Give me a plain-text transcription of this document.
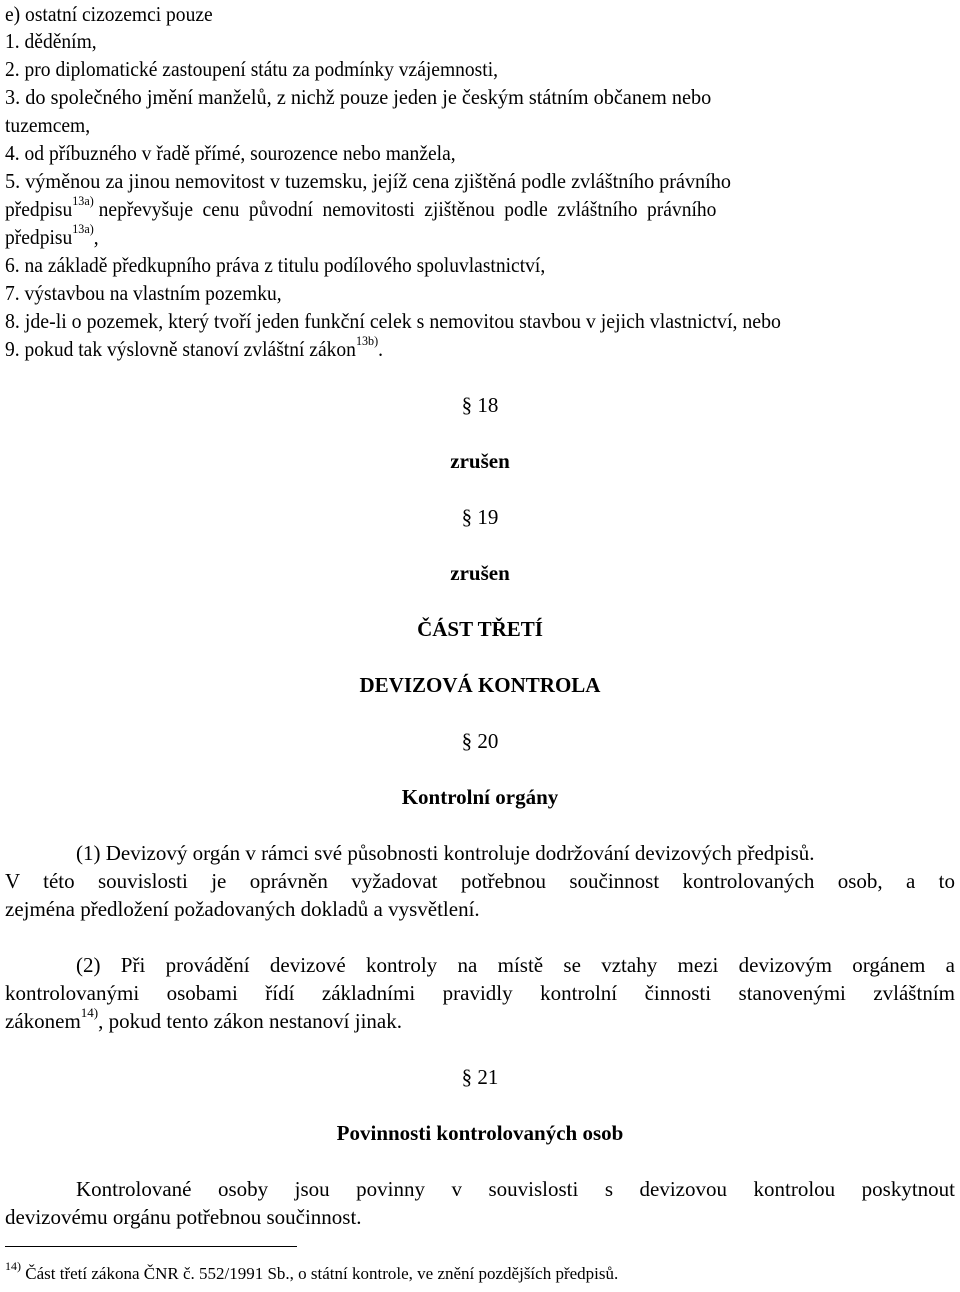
e) ostatní cizozemci pouze
1. děděním,
2. pro diplomatické zastoupení státu za podmínky vzájemnosti,
3. do společného jmění manželů, z nichž pouze jeden je českým státním občanem nebo
tuzemcem,
4. od příbuzného v řadě přímé, sourozence nebo manžela,
5. výměnou za jinou nemovitost v tuzemsku, jejíž cena zjištěná podle zvláštního právního
předpisu$^{13a)}$ nepřevyšuje cenu původní nemovitosti zjištěnou podle zvláštního právního
předpisu$^{13a)}$,
6. na základě předkupního práva z titulu podílového spoluvlastnictví,
7. výstavbou na vlastním pozemku,
8. jde-li o pozemek, který tvoří jeden funkční celek s nemovitou stavbou v jejich vlastnictví, nebo
9. pokud tak výslovně stanoví zvláštní zákon$^{13b)}$.
§ 18
zrušen
§ 19
zrušen
ČÁST TŘETÍ
DEVIZOVÁ KONTROLA
§ 20
Kontrolní orgány
(1) Devizový orgán v rámci své působnosti kontroluje dodržování devizových předpisů.
V této souvislosti je oprávněn vyžadovat potřebnou součinnost kontrolovaných osob, a to
zejména předložení požadovaných dokladů a vysvětlení.
(2) Při provádění devizové kontroly na místě se vztahy mezi devizovým orgánem a
kontrolovanými osobami řídí základními pravidly kontrolní činnosti stanovenými zvláštním
zákonem$^{14)}$, pokud tento zákon nestanoví jinak.
§ 21
Povinnosti kontrolovaných osob
Kontrolované osoby jsou povinny v souvislosti s devizovou kontrolou poskytnout
devizovému orgánu potřebnou součinnost.
$^{14)}$ Část třetí zákona ČNR č. 552/1991 Sb., o státní kontrole, ve znění pozdějších předpisů.
